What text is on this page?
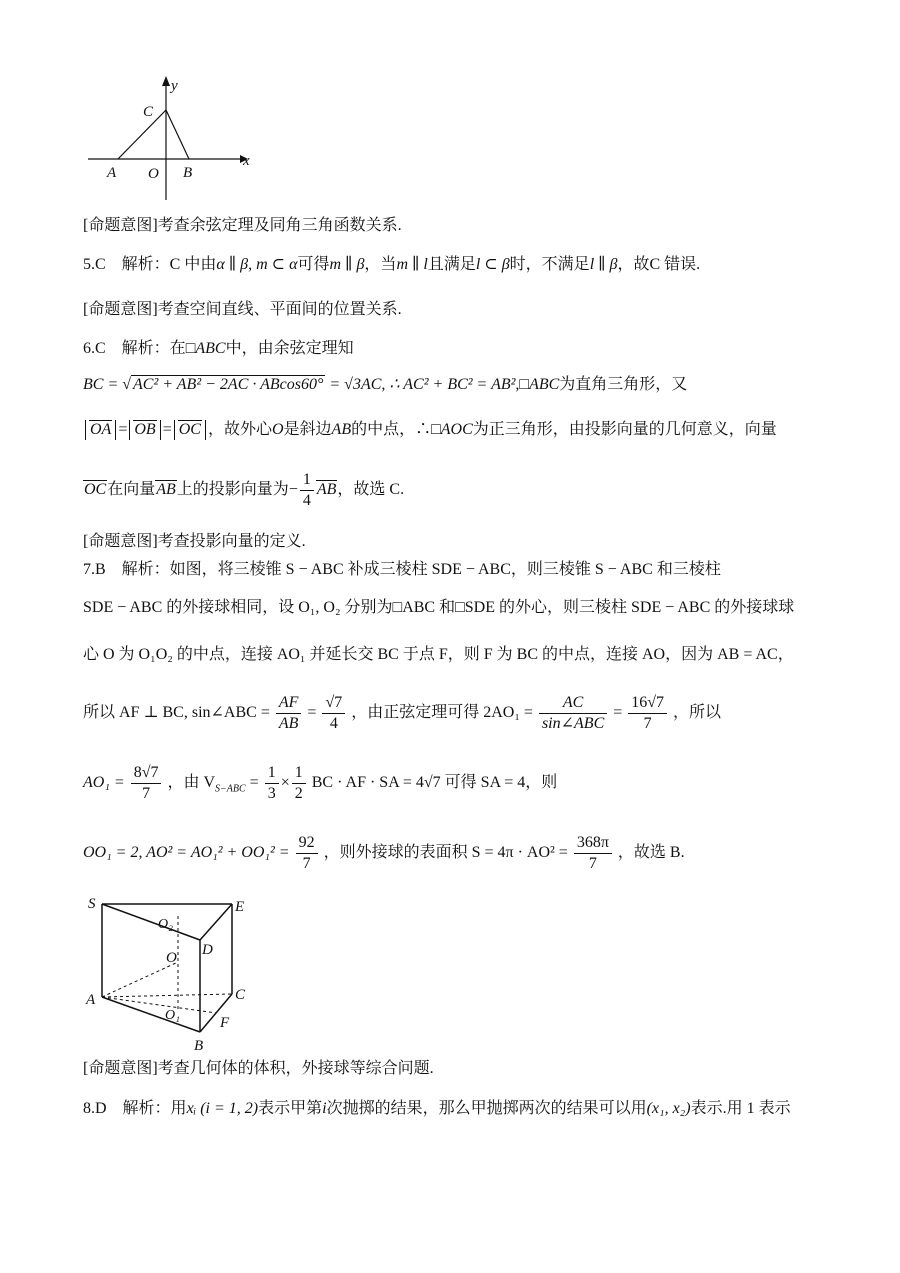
y
x
C
A O B
[命题意图]考查余弦定理及同角三角函数关系.
5.C　解析：C 中由α ∥ β, m ⊂ α可得m ∥ β，当m ∥ l且满足l ⊂ β时，不满足l ∥ β，故C 错误.
[命题意图]考查空间直线、平面间的位置关系.
6.C　解析：在□ABC中，由余弦定理知
BC = √ AC² + AB² − 2AC · ABcos60° = √3AC, ∴ AC² + BC² = AB²,□ABC为直角三角形，又
OA = OB = OC ，故外心O是斜边AB的中点，∴□AOC为正三角形，由投影向量的几何意义，向量
OC在向量AB上的投影向量为− $\frac{1}{4}$ AB，故选 C.
[命题意图]考查投影向量的定义.
7.B　解析：如图，将三棱锥 S − ABC 补成三棱柱 SDE − ABC，则三棱锥 S − ABC 和三棱柱
SDE − ABC 的外接球相同，设 O₁, O₂ 分别为□ABC 和□SDE 的外心，则三棱柱 SDE − ABC 的外接球球
心 O 为 O₁O₂ 的中点，连接 AO₁ 并延长交 BC 于点 F，则 F 为 BC 的中点，连接 AO，因为 AB = AC，
所以 AF ⊥ BC, sin∠ABC = $\frac{AF}{AB} = \frac{√7}{4}$ ，由正弦定理可得 $2AO_1 = \frac{AC}{\text{sin∠ABC}} = \frac{16√7}{7}$ ，所以
$AO_1 = \frac{8√7}{7}$ ，由 $V_{S-ABC} = \frac{1}{3} \times \frac{1}{2}$ BC · AF · SA = 4√7 可得 SA = 4，则
OO₁ = 2, $AO^2 = AO_1^2 + OO_1^2 = \frac{92}{7}$ ，则外接球的表面积 $S = 4\pi \cdot AO^2 = \frac{368\pi}{7}$ ，故选 B.
S	E
O₂
D
O
A	C
O₁	F
B
[命题意图]考查几何体的体积，外接球等综合问题.
8.D　解析：用xᵢ (i = 1, 2)表示甲第i次抛掷的结果，那么甲抛掷两次的结果可以用(x₁, x₂)表示.用 1 表示
